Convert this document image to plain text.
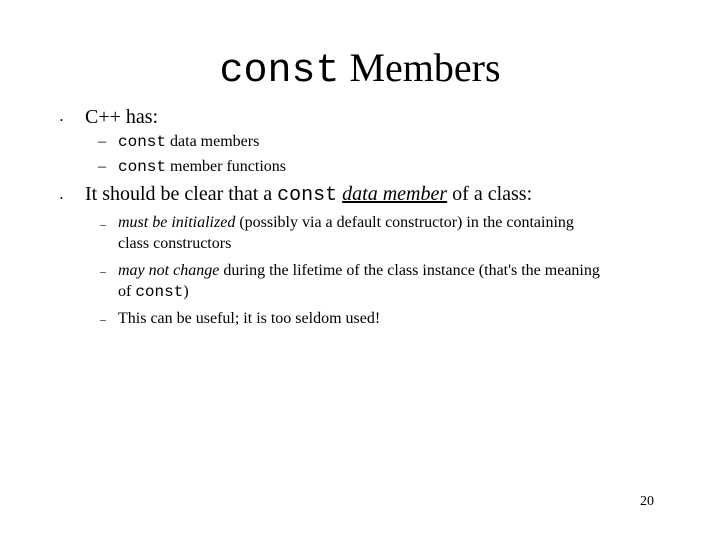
const Members
• C++ has:
– const data members
– const member functions
• It should be clear that a const data member of a class:
– must be initialized (possibly via a default constructor) in the containing
class constructors
– may not change during the lifetime of the class instance (that's the meaning
of const)
– This can be useful; it is too seldom used!
20
